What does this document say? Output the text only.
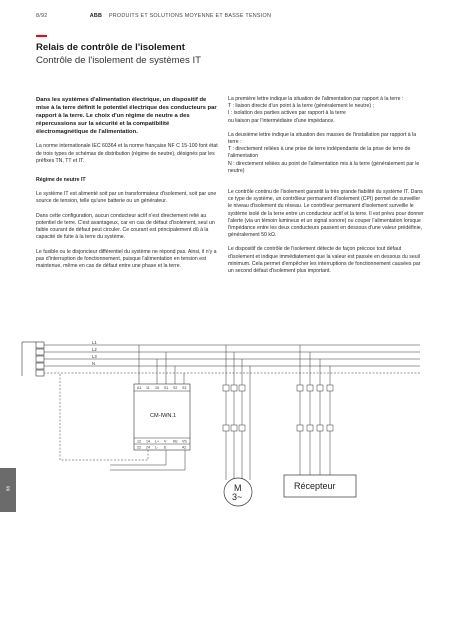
8/92	ABB PRODUITS ET SOLUTIONS MOYENNE ET BASSE TENSION
Relais de contrôle de l'isolement
Contrôle de l'isolement de systèmes IT

Dans les systèmes d'alimentation électrique, un dispositif de mise à la terre définit le potentiel électrique des conducteurs par rapport à la terre. Le choix d'un régime de neutre a des répercussions sur la sécurité et la compatibilité électromagnétique de l'alimentation.

La norme internationale IEC 60364 et la norme française NF C 15-100 font état de trois types de schémas de distribution (régime de neutre), désignés par les préfixes TN, TT et IT.

Régime de neutre IT

Le système IT est alimenté soit par un transformateur d'isolement, soit par une source de tension, telle qu'une batterie ou un générateur.

Dans cette configuration, aucun conducteur actif n'est directement relié au potentiel de terre. C'est avantageux, car en cas de défaut d'isolement, seul un faible courant de défaut peut circuler. Ce courant est principalement dû à la capacité de fuite à la terre du système.

Le fusible ou le disjoncteur différentiel du système ne répond pas. Ainsi, il n'y a pas d'interruption de fonctionnement, puisque l'alimentation en tension est maintenue, même en cas de défaut entre une phase et la terre.

La première lettre indique la situation de l'alimentation par rapport à la terre :
T : liaison directe d'un point à la terre (généralement le neutre) ;
I : isolation des parties actives par rapport à la terre
ou liaison par l'intermédiaire d'une impédance.

La deuxième lettre indique la situation des masses de l'installation par rapport à la terre :
T : directement reliées à une prise de terre indépendante de la prise de terre de l'alimentation
N : directement reliées au point de l'alimentation mis à la terre (généralement par le neutre)

Le contrôle continu de l'isolement garantit la très grande fiabilité du système IT. Dans ce type de système, un contrôleur permanent d'isolement (CPI) permet de surveiller le niveau d'isolement du réseau. Le contrôleur permanent d'isolement surveille le système isolé de la terre entre un conducteur actif et la terre. Il est prévu pour donner l'alerte (via un témoin lumineux et un signal sonore) ou couper l'alimentation lorsque l'impédance entre les deux conducteurs passent en dessous d'une valeur prédéfinie, généralement 50 kΩ.

Le dispositif de contrôle de l'isolement détecte de façon précoce tout défaut d'isolement et indique immédiatement que la valeur est passée en dessous du seuil minimum. Cela permet d'empêcher les interruptions de fonctionnement causées par un second défaut d'isolement plus important.

L1
L2
L3
N
A1 11 15 S1 S2 S3
CM-IWN.1
12 14 L+ V KE VS
22 24 L- E	A2
M
3~
Récepteur
88
